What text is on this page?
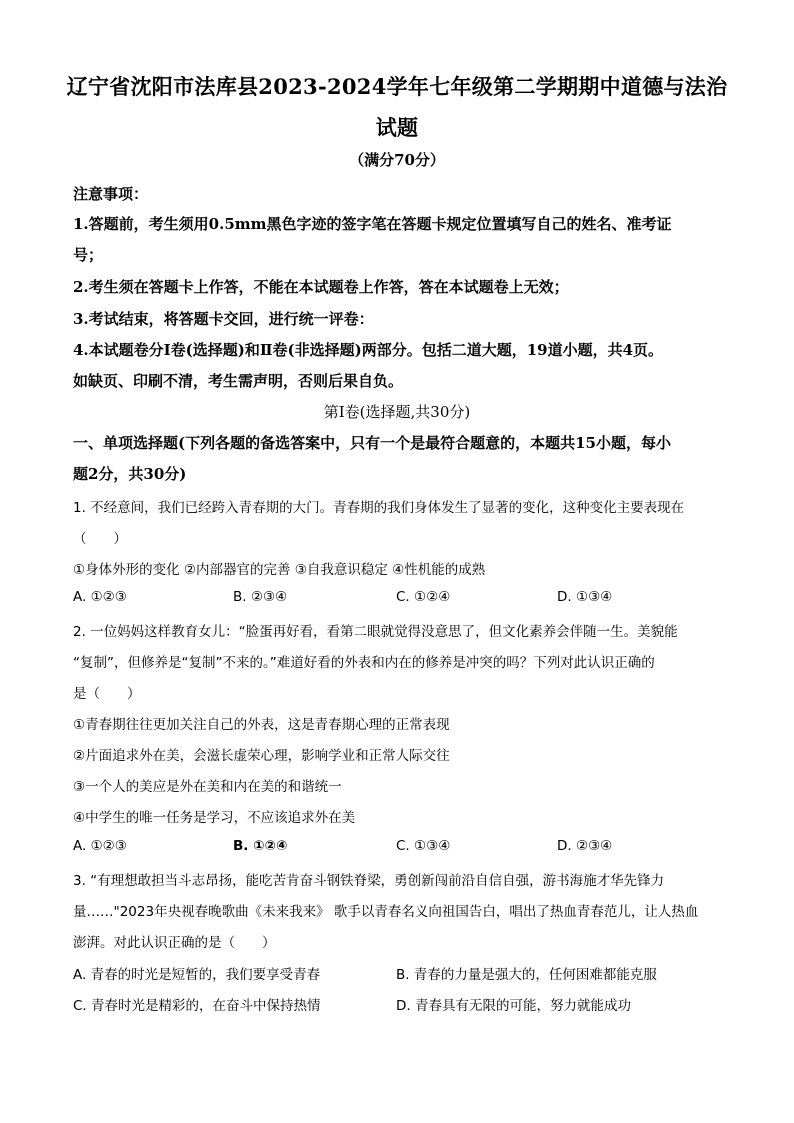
辽宁省沈阳市法库县2023-2024学年七年级第二学期期中道德与法治
试题
（满分70分）
注意事项：
1.答题前，考生须用0.5mm黑色字迹的签字笔在答题卡规定位置填写自己的姓名、准考证
号；
2.考生须在答题卡上作答，不能在本试题卷上作答，答在本试题卷上无效；
3.考试结束，将答题卡交回，进行统一评卷：
4.本试题卷分Ⅰ卷(选择题)和Ⅱ卷(非选择题)两部分。包括二道大题，19道小题，共4页。
如缺页、印刷不清，考生需声明，否则后果自负。
第Ⅰ卷(选择题,共30分)
一、单项选择题(下列各题的备选答案中，只有一个是最符合题意的，本题共15小题，每小
题2分，共30分)
1. 不经意间，我们已经跨入青春期的大门。青春期的我们身体发生了显著的变化，这种变化主要表现在
（　　）
①身体外形的变化 ②内部器官的完善 ③自我意识稳定 ④性机能的成熟
A. ①②③	B. ②③④	C. ①②④	D. ①③④
2. 一位妈妈这样教育女儿：“脸蛋再好看，看第二眼就觉得没意思了，但文化素养会伴随一生。美貌能
“复制”，但修养是“复制”不来的。”难道好看的外表和内在的修养是冲突的吗？下列对此认识正确的
是（　　）
①青春期往往更加关注自己的外表，这是青春期心理的正常表现
②片面追求外在美，会滋长虚荣心理，影响学业和正常人际交往
③一个人的美应是外在美和内在美的和谐统一
④中学生的唯一任务是学习，不应该追求外在美
A. ①②③	B. ①②④	C. ①③④	D. ②③④
3. “有理想敢担当斗志昂扬，能吃苦肯奋斗钢铁脊梁，勇创新闯前沿自信自强，游书海施才华先锋力
量……"2023年央视春晚歌曲《未来我来》 歌手以青春名义向祖国告白，唱出了热血青春范儿，让人热血
澎湃。对此认识正确的是（　　）
A. 青春的时光是短暂的，我们要享受青春	B. 青春的力量是强大的，任何困难都能克服
C. 青春时光是精彩的，在奋斗中保持热情	D. 青春具有无限的可能，努力就能成功
